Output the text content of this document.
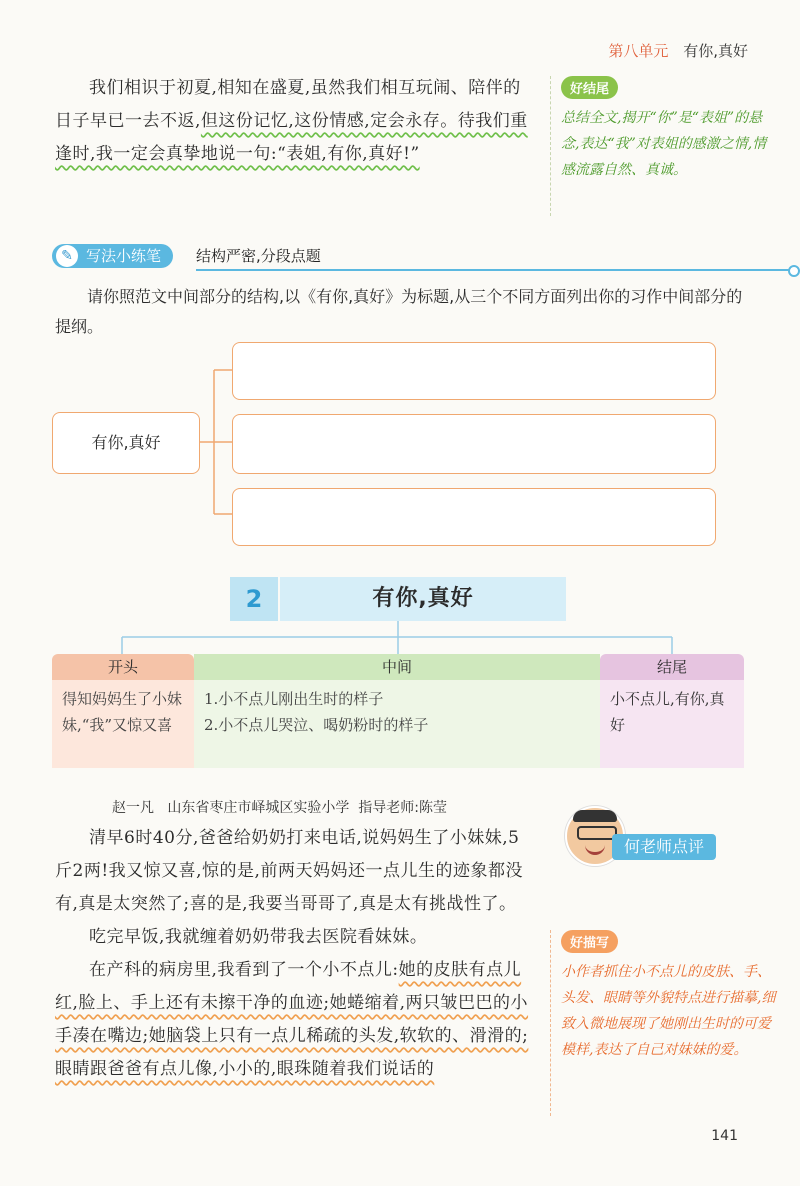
第八单元 有你,真好
我们相识于初夏,相知在盛夏,虽然我们相互玩闹、陪伴的日子早已一去不返,但这份记忆,这份情感,定会永存。待我们重逢时,我一定会真挚地说一句:“表姐,有你,真好!”
好结尾
总结全文,揭开“你”是“表姐”的悬念,表达“我”对表姐的感激之情,情感流露自然、真诚。
✎ 写法小练笔	结构严密,分段点题
请你照范文中间部分的结构,以《有你,真好》为标题,从三个不同方面列出你的习作中间部分的提纲。
有你,真好
2	有你,真好
开头
得知妈妈生了小妹妹,“我”又惊又喜
中间
1.小不点儿刚出生时的样子
2.小不点儿哭泣、喝奶粉时的样子
结尾
小不点儿,有你,真好
赵一凡   山东省枣庄市峄城区实验小学  指导老师:陈莹

清早6时40分,爸爸给奶奶打来电话,说妈妈生了小妹妹,5斤2两!我又惊又喜,惊的是,前两天妈妈还一点儿生的迹象都没有,真是太突然了;喜的是,我要当哥哥了,真是太有挑战性了。

吃完早饭,我就缠着奶奶带我去医院看妹妹。

在产科的病房里,我看到了一个小不点儿:她的皮肤有点儿红,脸上、手上还有未擦干净的血迹;她蜷缩着,两只皱巴巴的小手凑在嘴边;她脑袋上只有一点儿稀疏的头发,软软的、滑滑的;眼睛跟爸爸有点儿像,小小的,眼珠随着我们说话的

何老师点评
好描写
小作者抓住小不点儿的皮肤、手、头发、眼睛等外貌特点进行描摹,细致入微地展现了她刚出生时的可爱模样,表达了自己对妹妹的爱。
141
